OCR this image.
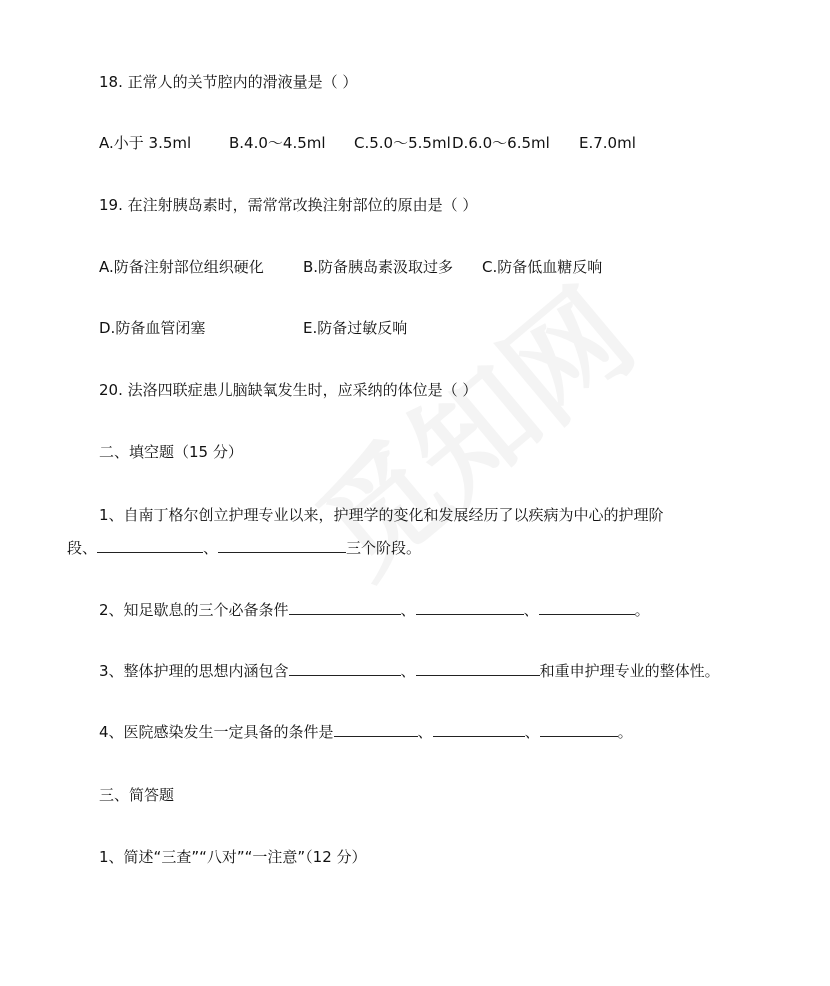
18. 正常人的关节腔内的滑液量是（ ）
A.小于 3.5ml	B.4.0～4.5ml C.5.0～5.5ml D.6.0～6.5ml E.7.0ml
19. 在注射胰岛素时，需常常改换注射部位的原由是（ ）
A.防备注射部位组织硬化	B.防备胰岛素汲取过多 C.防备低血糖反响
D.防备血管闭塞	E.防备过敏反响
20. 法洛四联症患儿脑缺氧发生时，应采纳的体位是（ ）
二、填空题（15 分）
1、自南丁格尔创立护理专业以来，护理学的变化和发展经历了以疾病为中心的护理阶
段、	、	三个阶段。
2、知足歇息的三个必备条件	、	、	。
3、整体护理的思想内涵包含	、	和重申护理专业的整体性。
4、医院感染发生一定具备的条件是	、	、	。
三、简答题
1、简述“三查”“八对”“一注意”（12 分）
